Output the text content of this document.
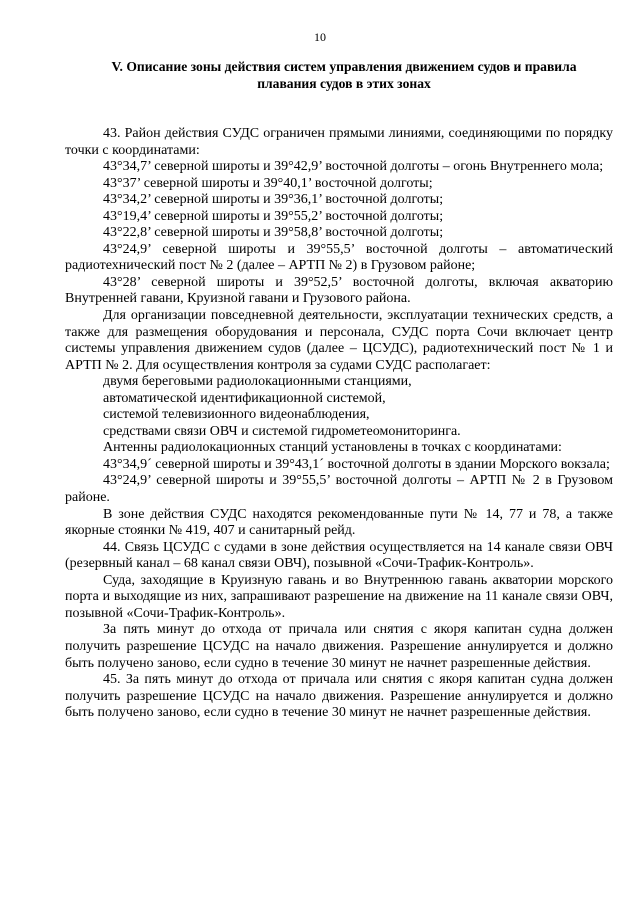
10
V. Описание зоны действия систем управления движением судов и правила
плавания судов в этих зонах

43. Район действия СУДС ограничен прямыми линиями, соединяющими по порядку точки с координатами:

43°34,7’ северной широты и 39°42,9’ восточной долготы – огонь Внутреннего мола;

43°37’ северной широты и 39°40,1’ восточной долготы;

43°34,2’ северной широты и 39°36,1’ восточной долготы;

43°19,4’ северной широты и 39°55,2’ восточной долготы;

43°22,8’ северной широты и 39°58,8’ восточной долготы;

43°24,9’ северной широты и 39°55,5’ восточной долготы – автоматический радиотехнический пост № 2 (далее – АРТП № 2) в Грузовом районе;

43°28’ северной широты и 39°52,5’ восточной долготы, включая акваторию Внутренней гавани, Круизной гавани и Грузового района.

Для организации повседневной деятельности, эксплуатации технических средств, а также для размещения оборудования и персонала, СУДС порта Сочи включает центр системы управления движением судов (далее – ЦСУДС), радиотехнический пост № 1 и АРТП № 2. Для осуществления контроля за судами СУДС располагает:

двумя береговыми радиолокационными станциями,

автоматической идентификационной системой,

системой телевизионного видеонаблюдения,

средствами связи ОВЧ и системой гидрометеомониторинга.

Антенны радиолокационных станций установлены в точках с координатами:

43°34,9´ северной широты и 39°43,1´ восточной долготы в здании Морского вокзала;

43°24,9’ северной широты и 39°55,5’ восточной долготы – АРТП № 2 в Грузовом районе.

В зоне действия СУДС находятся рекомендованные пути № 14, 77 и 78, а также якорные стоянки № 419, 407 и санитарный рейд.

44. Связь ЦСУДС с судами в зоне действия осуществляется на 14 канале связи ОВЧ (резервный канал – 68 канал связи ОВЧ), позывной «Сочи-Трафик-Контроль».

Суда, заходящие в Круизную гавань и во Внутреннюю гавань акватории морского порта и выходящие из них, запрашивают разрешение на движение на 11 канале связи ОВЧ, позывной «Сочи-Трафик-Контроль».

За пять минут до отхода от причала или снятия с якоря капитан судна должен получить разрешение ЦСУДС на начало движения. Разрешение аннулируется и должно быть получено заново, если судно в течение 30 минут не начнет разрешенные действия.

45. За пять минут до отхода от причала или снятия с якоря капитан судна должен получить разрешение ЦСУДС на начало движения. Разрешение аннулируется и должно быть получено заново, если судно в течение 30 минут не начнет разрешенные действия.
